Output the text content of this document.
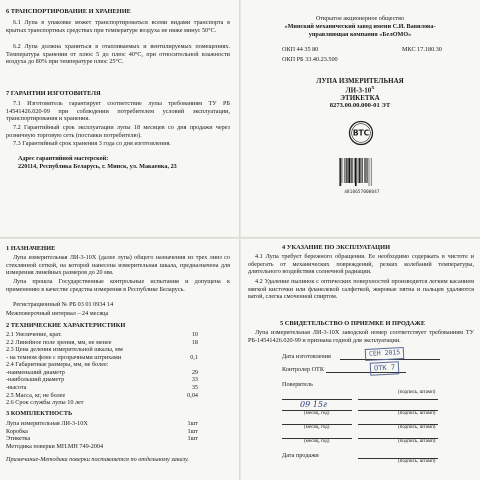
6 ТРАНСПОРТИРОВАНИЕ И ХРАНЕНИЕ
6.1 Лупа в упаковке может транспортироваться всеми видами транспорта в крытых транспортных средствах при температуре воздуха не ниже минус 50°С.
6.2 Лупа должна храниться в отапливаемых и вентилируемых помещениях. Температура хранения от плюс 5 до плюс 40°С, при относительной влажности воздуха до 80% при температуре плюс 25°С.
7 ГАРАНТИИ ИЗГОТОВИТЕЛЯ
7.1 Изготовитель гарантирует соответствие лупы требованиям ТУ РБ 14541426.020-99 при соблюдении потребителем условий эксплуатации, транспортирования и хранения.
7.2 Гарантийный срок эксплуатации лупы 18 месяцев со дня продажи через розничную торговую сеть (поставки потребителю).
7.3 Гарантийный срок хранения 3 года со дня изготовления.
Адрес гарантийной мастерской:
220114, Республика Беларусь, г. Минск, ул. Макаенка, 23
Открытое акционерное общество
«Минский механический завод имени С.И. Вавилова-
управляющая компания «БелОМО»
ОКП 44 35 80	МКС 17.180.30
ОКП РБ 33.40.23.500
ЛУПА ИЗМЕРИТЕЛЬНАЯ
$ЛИ-3-10^Х$
ЭТИКЕТКА
8273.00.00.000-01 ЭТ
ВТС
4810657008047
1 НАЗНАЧЕНИЕ
Лупа измерительная ЛИ-3-10Х (далее лупа) общего назначения из трех линз со стеклянной сеткой, на которой нанесена измерительная шкала, предназначена для измерения линейных размеров до 20 мм.
Лупа прошла Государственные контрольные испытания и допущена к применению в качестве средства измерения в Республике Беларусь.
Регистрационный № РБ 03 01 0934 14
Межповерочный интервал – 24 месяца
2 ТЕХНИЧЕСКИЕ ХАРАКТЕРИСТИКИ
2.1 Увеличение, крат.	10
2.2 Линейное поле зрения, мм, не менее	18
2.3 Цена деления измерительной шкалы, мм
- на темном фоне с прозрачными штрихами	0,1
2.4 Габаритные размеры, мм, не более:
-наименьший диаметр	29
-наибольший диаметр	33
-высота	35
2.5 Масса, кг, не более	0,04
2.6 Срок службы лупы 10 лет
3 КОМПЛЕКТНОСТЬ
Лупа измерительная ЛИ-3-10Х	1шт
Коробка	1шт
Этикетка	1шт
Методика поверки МП.МН 749-2004
Примечание-Методика поверки поставляется по отдельному заказу.
4 УКАЗАНИЕ ПО ЭКСПЛУАТАЦИИ
4.1 Лупа требует бережного обращения. Ее необходимо содержать в чистоте и оберегать от механических повреждений, резких колебаний температуры, длительного воздействия солнечной радиации.
4.2 Удаление пылинок с оптических поверхностей производится легким касанием мягкой кисточки или фланелевой салфеткой, жировые пятна и пальцев удаляются ватой, слегка смоченной спиртом.
5 СВИДЕТЕЛЬСТВО О ПРИЕМКЕ И ПРОДАЖЕ
Лупа измерительная ЛИ-3-10Х заводской номер соответствует требованиям ТУ РБ-14541426.020-99 и признана годной для эксплуатации.
Дата изготовления	СЕН 2015
Контролер ОТК	ОТК 7
Поверитель
(подпись, штамп)
09 15г
(месяц, год)	(подпись, штамп)
(месяц, год)	(подпись, штамп)
(месяц, год)	(подпись, штамп)
Дата продажи
(подпись, штамп)
